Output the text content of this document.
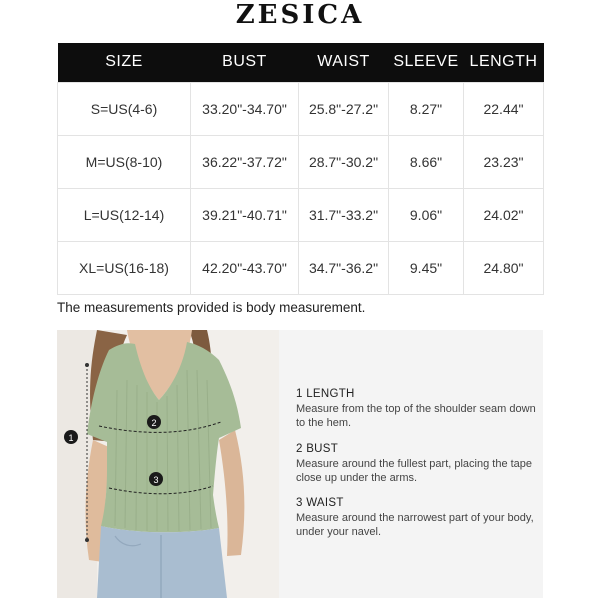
ZESICA
SIZE	BUST	WAIST	SLEEVE	LENGTH
S=US(4-6)	33.20"-34.70"	25.8"-27.2"	8.27"	22.44"
M=US(8-10)	36.22"-37.72"	28.7"-30.2"	8.66"	23.23"
L=US(12-14)	39.21"-40.71"	31.7"-33.2"	9.06"	24.02"
XL=US(16-18)	42.20"-43.70"	34.7"-36.2"	9.45"	24.80"
The measurements provided is body measurement.
1
2
3
1 LENGTH
Measure from the top of the shoulder seam down to the hem.
2 BUST
Measure around the fullest part, placing the tape close up under the arms.
3 WAIST
Measure around the narrowest part of your body, under your navel.
